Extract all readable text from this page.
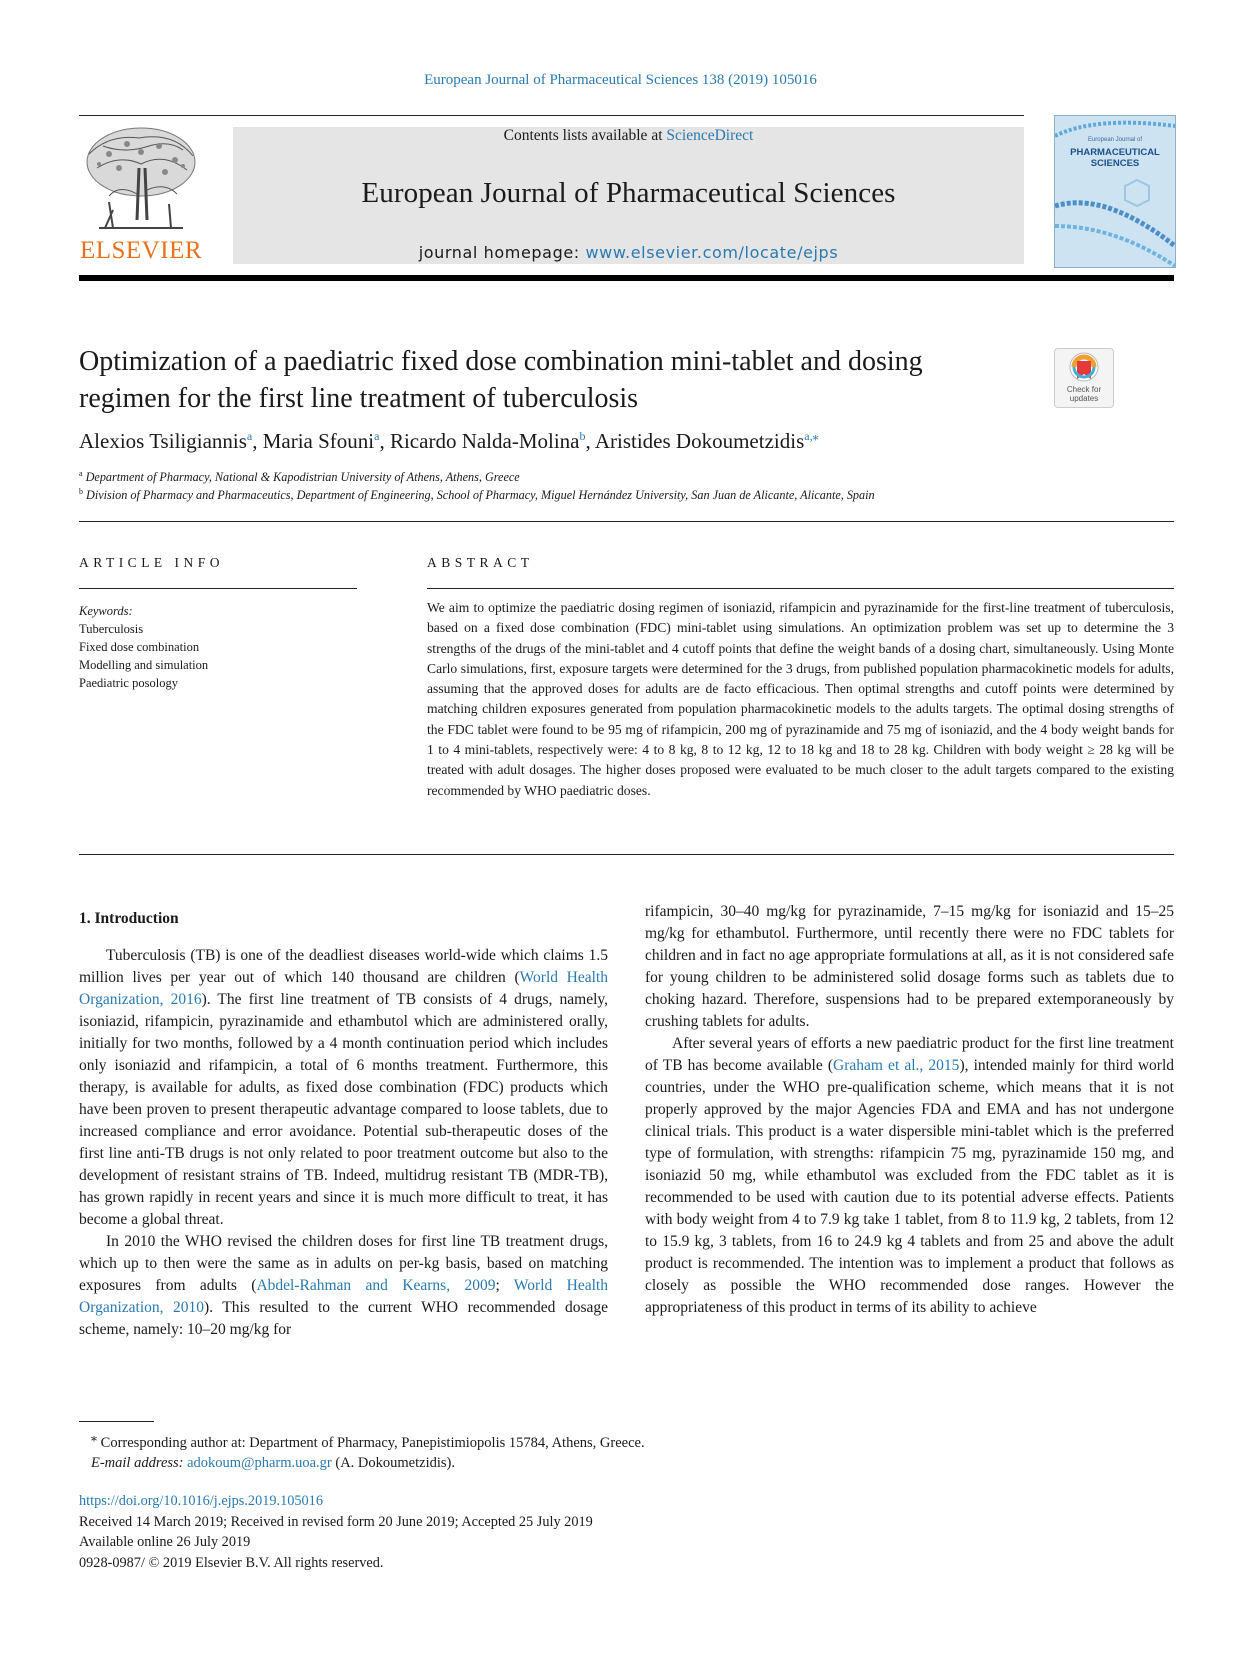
European Journal of Pharmaceutical Sciences 138 (2019) 105016
ELSEVIER
Contents lists available at ScienceDirect
European Journal of Pharmaceutical Sciences
journal homepage: www.elsevier.com/locate/ejps
European Journal of
PHARMACEUTICAL
SCIENCES
Optimization of a paediatric fixed dose combination mini-tablet and dosing
regimen for the first line treatment of tuberculosis	Check for
updates
Alexios Tsiligiannis$^a$, Maria Sfouni$^a$, Ricardo Nalda-Molina$^b$, Aristides Dokoumetzidis$^{a,⁎}$
$^a$ Department of Pharmacy, National & Kapodistrian University of Athens, Athens, Greece
$^b$ Division of Pharmacy and Pharmaceutics, Department of Engineering, School of Pharmacy, Miguel Hernández University, San Juan de Alicante, Alicante, Spain
ARTICLE INFO
Keywords:
Tuberculosis
Fixed dose combination
Modelling and simulation
Paediatric posology
ABSTRACT
We aim to optimize the paediatric dosing regimen of isoniazid, rifampicin and pyrazinamide for the first-line treatment of tuberculosis, based on a fixed dose combination (FDC) mini-tablet using simulations. An optimization problem was set up to determine the 3 strengths of the drugs of the mini-tablet and 4 cutoff points that define the weight bands of a dosing chart, simultaneously. Using Monte Carlo simulations, first, exposure targets were determined for the 3 drugs, from published population pharmacokinetic models for adults, assuming that the approved doses for adults are de facto efficacious. Then optimal strengths and cutoff points were determined by matching children exposures generated from population pharmacokinetic models to the adults targets. The optimal dosing strengths of the FDC tablet were found to be 95 mg of rifampicin, 200 mg of pyrazinamide and 75 mg of isoniazid, and the 4 body weight bands for 1 to 4 mini-tablets, respectively were: 4 to 8 kg, 8 to 12 kg, 12 to 18 kg and 18 to 28 kg. Children with body weight ≥ 28 kg will be treated with adult dosages. The higher doses proposed were evaluated to be much closer to the adult targets compared to the existing recommended by WHO paediatric doses.
1. Introduction

Tuberculosis (TB) is one of the deadliest diseases world-wide which claims 1.5 million lives per year out of which 140 thousand are children (World Health Organization, 2016). The first line treatment of TB consists of 4 drugs, namely, isoniazid, rifampicin, pyrazinamide and ethambutol which are administered orally, initially for two months, followed by a 4 month continuation period which includes only isoniazid and rifampicin, a total of 6 months treatment. Furthermore, this therapy, is available for adults, as fixed dose combination (FDC) products which have been proven to present therapeutic advantage compared to loose tablets, due to increased compliance and error avoidance. Potential sub-therapeutic doses of the first line anti-TB drugs is not only related to poor treatment outcome but also to the development of resistant strains of TB. Indeed, multidrug resistant TB (MDR-TB), has grown rapidly in recent years and since it is much more difficult to treat, it has become a global threat.

In 2010 the WHO revised the children doses for first line TB treatment drugs, which up to then were the same as in adults on per-kg basis, based on matching exposures from adults (Abdel-Rahman and Kearns, 2009; World Health Organization, 2010). This resulted to the current WHO recommended dosage scheme, namely: 10–20 mg/kg for

rifampicin, 30–40 mg/kg for pyrazinamide, 7–15 mg/kg for isoniazid and 15–25 mg/kg for ethambutol. Furthermore, until recently there were no FDC tablets for children and in fact no age appropriate formulations at all, as it is not considered safe for young children to be administered solid dosage forms such as tablets due to choking hazard. Therefore, suspensions had to be prepared extemporaneously by crushing tablets for adults.

After several years of efforts a new paediatric product for the first line treatment of TB has become available (Graham et al., 2015), intended mainly for third world countries, under the WHO pre-qualification scheme, which means that it is not properly approved by the major Agencies FDA and EMA and has not undergone clinical trials. This product is a water dispersible mini-tablet which is the preferred type of formulation, with strengths: rifampicin 75 mg, pyrazinamide 150 mg, and isoniazid 50 mg, while ethambutol was excluded from the FDC tablet as it is recommended to be used with caution due to its potential adverse effects. Patients with body weight from 4 to 7.9 kg take 1 tablet, from 8 to 11.9 kg, 2 tablets, from 12 to 15.9 kg, 3 tablets, from 16 to 24.9 kg 4 tablets and from 25 and above the adult product is recommended. The intention was to implement a product that follows as closely as possible the WHO recommended dose ranges. However the appropriateness of this product in terms of its ability to achieve

⁎ Corresponding author at: Department of Pharmacy, Panepistimiopolis 15784, Athens, Greece.
E-mail address: adokoum@pharm.uoa.gr (A. Dokoumetzidis).
https://doi.org/10.1016/j.ejps.2019.105016
Received 14 March 2019; Received in revised form 20 June 2019; Accepted 25 July 2019
Available online 26 July 2019
0928-0987/ © 2019 Elsevier B.V. All rights reserved.
